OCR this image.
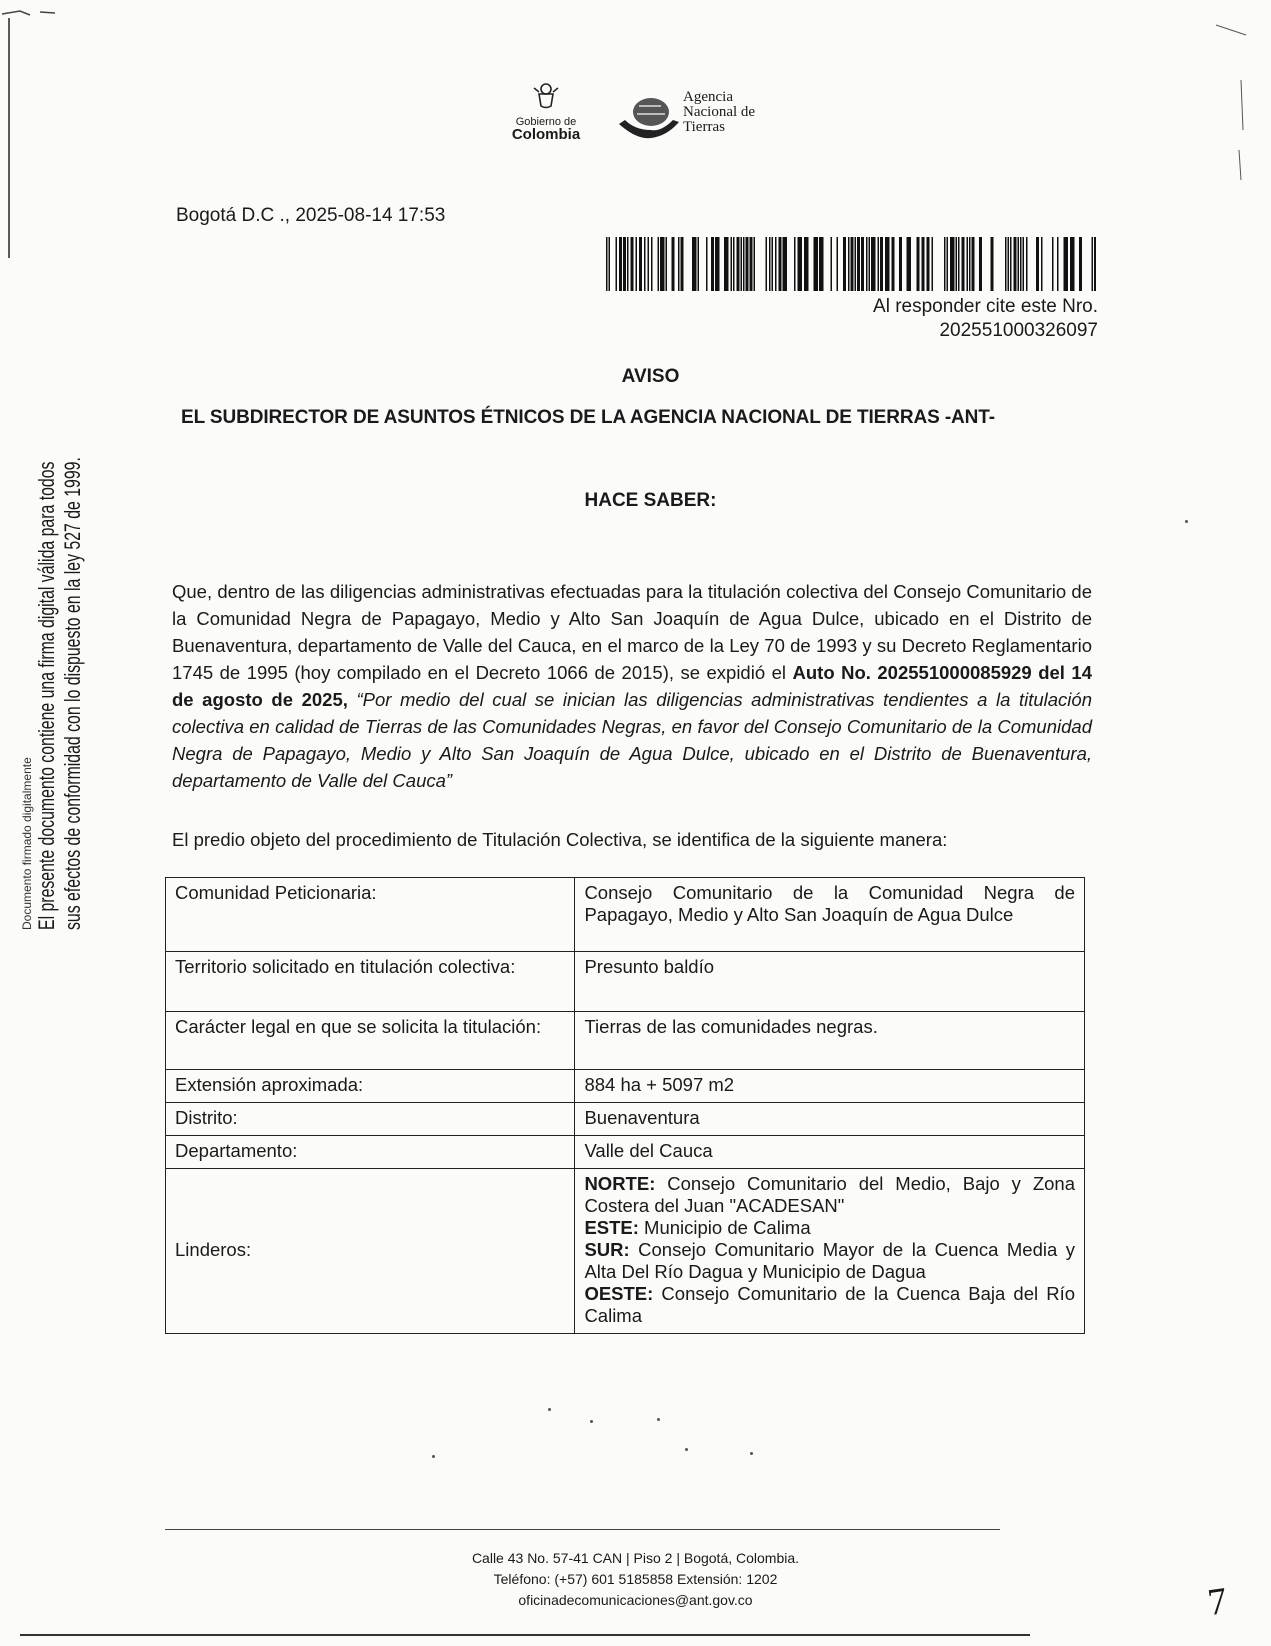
Gobierno de
Colombia
Agencia
Nacional de
Tierras
Bogotá D.C ., 2025-08-14 17:53
Al responder cite este Nro.
202551000326097
AVISO
EL SUBDIRECTOR DE ASUNTOS ÉTNICOS DE LA AGENCIA NACIONAL DE TIERRAS -ANT-
HACE SABER:
Documento firmado digitalmente El presente documento contiene una firma digital válida para todos sus efectos de conformidad con lo dispuesto en la ley 527 de 1999.	Que, dentro de las diligencias administrativas efectuadas para la titulación colectiva del Consejo Comunitario de la Comunidad Negra de Papagayo, Medio y Alto San Joaquín de Agua Dulce, ubicado en el Distrito de Buenaventura, departamento de Valle del Cauca, en el marco de la Ley 70 de 1993 y su Decreto Reglamentario 1745 de 1995 (hoy compilado en el Decreto 1066 de 2015), se expidió el Auto No. 202551000085929 del 14 de agosto de 2025, “Por medio del cual se inician las diligencias administrativas tendientes a la titulación colectiva en calidad de Tierras de las Comunidades Negras, en favor del Consejo Comunitario de la Comunidad Negra de Papagayo, Medio y Alto San Joaquín de Agua Dulce, ubicado en el Distrito de Buenaventura, departamento de Valle del Cauca”
El predio objeto del procedimiento de Titulación Colectiva, se identifica de la siguiente manera:
Comunidad Peticionaria:	Consejo Comunitario de la Comunidad Negra de Papagayo, Medio y Alto San Joaquín de Agua Dulce
Territorio solicitado en titulación colectiva:	Presunto baldío
Carácter legal en que se solicita la titulación:	Tierras de las comunidades negras.
Extensión aproximada:	884 ha + 5097 m2
Distrito:	Buenaventura
Departamento:	Valle del Cauca
Linderos:	NORTE: Consejo Comunitario del Medio, Bajo y Zona Costera del Juan "ACADESAN"
ESTE: Municipio de Calima
SUR: Consejo Comunitario Mayor de la Cuenca Media y Alta Del Río Dagua y Municipio de Dagua
OESTE: Consejo Comunitario de la Cuenca Baja del Río Calima
Calle 43 No. 57-41 CAN | Piso 2 | Bogotá, Colombia.
Teléfono: (+57) 601 5185858 Extensión: 1202
oficinadecomunicaciones@ant.gov.co	7
